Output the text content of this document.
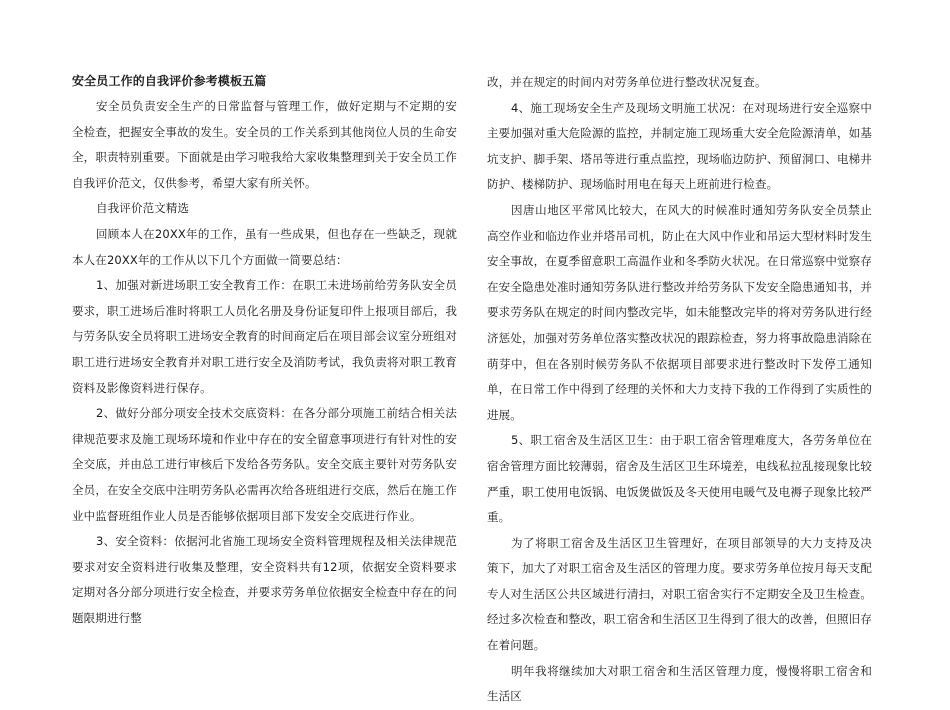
安全员工作的自我评价参考模板五篇

安全员负责安全生产的日常监督与管理工作，做好定期与不定期的安全检查，把握安全事故的发生。安全员的工作关系到其他岗位人员的生命安全，职责特别重要。下面就是由学习啦我给大家收集整理到关于安全员工作自我评价范文，仅供参考，希望大家有所关怀。

自我评价范文精选

回顾本人在20XX年的工作，虽有一些成果，但也存在一些缺乏，现就本人在20XX年的工作从以下几个方面做一简要总结：

1、加强对新进场职工安全教育工作：在职工未进场前给劳务队安全员要求，职工进场后准时将职工人员化名册及身份证复印件上报项目部后，我与劳务队安全员将职工进场安全教育的时间商定后在项目部会议室分班组对职工进行进场安全教育并对职工进行安全及消防考试，我负责将对职工教育资料及影像资料进行保存。

2、做好分部分项安全技术交底资料：在各分部分项施工前结合相关法律规范要求及施工现场环境和作业中存在的安全留意事项进行有针对性的安全交底，并由总工进行审核后下发给各劳务队。安全交底主要针对劳务队安全员，在安全交底中注明劳务队必需再次给各班组进行交底，然后在施工作业中监督班组作业人员是否能够依据项目部下发安全交底进行作业。

3、安全资料：依据河北省施工现场安全资料管理规程及相关法律规范要求对安全资料进行收集及整理，安全资料共有12项，依据安全资料要求定期对各分部分项进行安全检查，并要求劳务单位依据安全检查中存在的问题限期进行整

改，并在规定的时间内对劳务单位进行整改状况复查。

4、施工现场安全生产及现场文明施工状况：在对现场进行安全巡察中主要加强对重大危险源的监控，并制定施工现场重大安全危险源清单，如基坑支护、脚手架、塔吊等进行重点监控，现场临边防护、预留洞口、电梯井防护、楼梯防护、现场临时用电在每天上班前进行检查。

因唐山地区平常风比较大，在风大的时候准时通知劳务队安全员禁止高空作业和临边作业并塔吊司机，防止在大风中作业和吊运大型材料时发生安全事故，在夏季留意职工高温作业和冬季防火状况。在日常巡察中觉察存在安全隐患处准时通知劳务队进行整改并给劳务队下发安全隐患通知书，并要求劳务队在规定的时间内整改完毕，如未能整改完毕的将对劳务队进行经济惩处，加强对劳务单位落实整改状况的跟踪检查，努力将事故隐患消除在萌芽中，但在各别时候劳务队不依据项目部要求进行整改时下发停工通知单，在日常工作中得到了经理的关怀和大力支持下我的工作得到了实质性的进展。

5、职工宿舍及生活区卫生：由于职工宿舍管理难度大，各劳务单位在宿舍管理方面比较薄弱，宿舍及生活区卫生环境差，电线私拉乱接现象比较严重，职工使用电饭锅、电饭煲做饭及冬天使用电暖气及电褥子现象比较严重。

为了将职工宿舍及生活区卫生管理好，在项目部领导的大力支持及决策下，加大了对职工宿舍及生活区的管理力度。要求劳务单位按月每天支配专人对生活区公共区域进行清扫，对职工宿舍实行不定期安全及卫生检查。经过多次检查和整改，职工宿舍和生活区卫生得到了很大的改善，但照旧存在着问题。

明年我将继续加大对职工宿舍和生活区管理力度，慢慢将职工宿舍和生活区
